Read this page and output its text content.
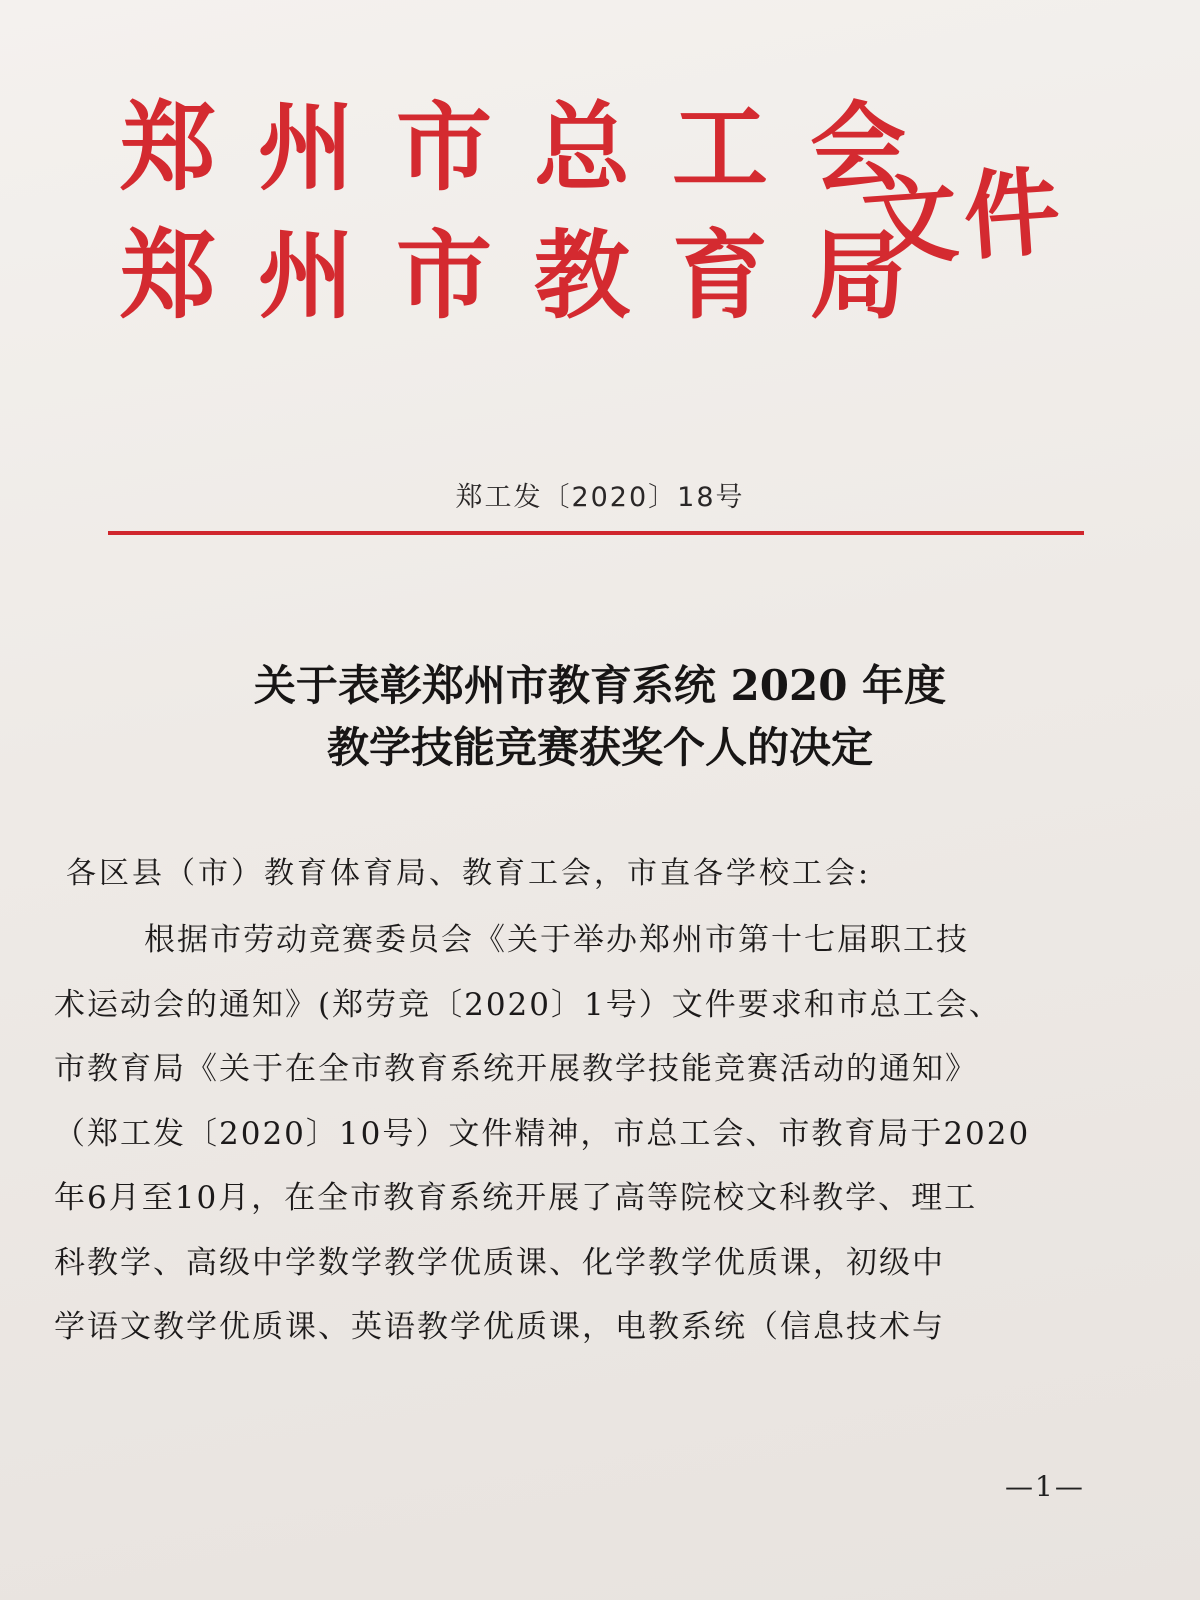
郑州市总工会
郑州市教育局
文件
郑工发〔2020〕18号
关于表彰郑州市教育系统 2020 年度
教学技能竞赛获奖个人的决定
各区县（市）教育体育局、教育工会，市直各学校工会:
根据市劳动竞赛委员会《关于举办郑州市第十七届职工技
术运动会的通知》(郑劳竞〔2020〕1号）文件要求和市总工会、
市教育局《关于在全市教育系统开展教学技能竞赛活动的通知》
（郑工发〔2020〕10号）文件精神，市总工会、市教育局于2020
年6月至10月，在全市教育系统开展了高等院校文科教学、理工
科教学、高级中学数学教学优质课、化学教学优质课，初级中
学语文教学优质课、英语教学优质课，电教系统（信息技术与
—1—
